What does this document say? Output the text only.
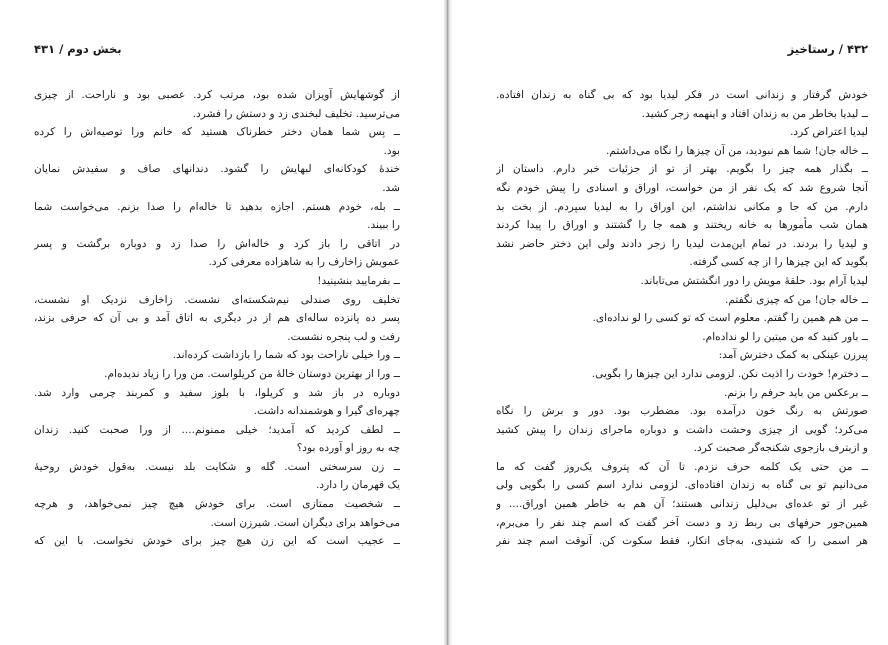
بخش دوم / ۴۳۱
از گوشهایش آویزان شده بود، مرتب کرد. عصبی بود و ناراحت. از چیزی
می‌ترسید. تخلیف لبخندی زد و دستش را فشرد.
ــ پس شما همان دختر خطرناک هستید که خانم ورا توصیه‌اش را کرده
بود.
خندهٔ کودکانه‌ای لبهایش را گشود. دندانهای صاف و سفیدش نمایان
شد.
ــ بله، خودم هستم. اجازه بدهید تا خاله‌ام را صدا بزنم. می‌خواست شما
را ببیند.
در اتاقی را باز کرد و خاله‌اش را صدا زد و دوباره برگشت و پسر
عمویش زاخارف را به شاهزاده معرفی کرد.
ــ بفرمایید بنشینید!
تخلیف روی صندلی نیم‌شکسته‌ای نشست. زاخارف نزدیک او نشست،
پسر ده پانزده ساله‌ای هم از در دیگری به اتاق آمد و بی آن که حرفی بزند،
رفت و لب پنجره نشست.
ــ ورا خیلی ناراحت بود که شما را بازداشت کرده‌اند.
ــ ورا از بهترین دوستان خالهٔ من کریلواست. من ورا را زیاد ندیده‌ام.
دوباره در باز شد و کریلوا، با بلوز سفید و کمربند چرمی وارد شد.
چهره‌ای گیرا و هوشمندانه داشت.
ــ لطف کردید که آمدید؛ خیلی ممنونم.... از ورا صحبت کنید. زندان
چه به روز او آورده بود؟
ــ زن سرسختی است. گله و شکایت بلد نیست. به‌قول خودش روحیهٔ
یک قهرمان را دارد.
ــ شخصیت ممتازی است. برای خودش هیچ چیز نمی‌خواهد، و هرچه
می‌خواهد برای دیگران است. شیرزن است.
ــ عجیب است که این زن هیچ چیز برای خودش نخواست. با این که
۴۳۲ / رستاخیز
خودش گرفتار و زندانی است در فکر لیدیا بود که بی گناه به زندان افتاده.
ــ لیدیا بخاطر من به زندان افتاد و اینهمه زجر کشید.
لیدیا اعتراض کرد.
ــ خاله جان! شما هم نبودید، من آن چیزها را نگاه می‌داشتم.
ــ بگذار همه چیز را بگویم. بهتر از تو از جزئیات خبر دارم. داستان از
آنجا شروع شد که یک نفر از من خواست، اوراق و اسنادی را پیش خودم نگه
دارم. من که جا و مکانی نداشتم، این اوراق را به لیدیا سپردم. از بخت بد
همان شب مأمورها به خانه ریختند و همه جا را گشتند و اوراق را پیدا کردند
و لیدیا را بردند. در تمام این‌مدت لیدیا را زجر دادند ولی این دختر حاضر نشد
بگوید که این چیزها را از چه کسی گرفته.
لیدیا آرام بود. حلقهٔ مویش را دور انگشتش می‌تاباند.
ــ خاله جان! من که چیزی نگفتم.
ــ من هم همین را گفتم. معلوم است که تو کسی را لو نداده‌ای.
ــ باور کنید که من میتین را لو نداده‌ام.
پیرزن عینکی به کمک دخترش آمد:
ــ دخترم! خودت را اذیت نکن. لزومی ندارد این چیزها را بگویی.
ــ برعکس من باید حرفم را بزنم.
صورتش به رنگ خون درآمده بود. مضطرب بود. دور و برش را نگاه
می‌کرد؛ گویی از چیزی وحشت داشت و دوباره ماجرای زندان را پیش کشید
و ازبترف بازجوی شکنجه‌گر صحبت کرد.
ــ من حتی یک کلمه حرف نزدم. تا آن که پتروف یک‌روز گفت که ما
می‌دانیم تو بی گناه به زندان افتاده‌ای. لزومی ندارد اسم کسی را بگویی ولی
غیر از تو عده‌ای بی‌دلیل زندانی هستند؛ آن هم به خاطر همین اوراق.... و
همین‌جور حرفهای بی ربط زد و دست آخر گفت که اسم چند نفر را می‌برم،
هر اسمی را که شنیدی، به‌جای انکار، فقط سکوت کن. آنوقت اسم چند نفر
